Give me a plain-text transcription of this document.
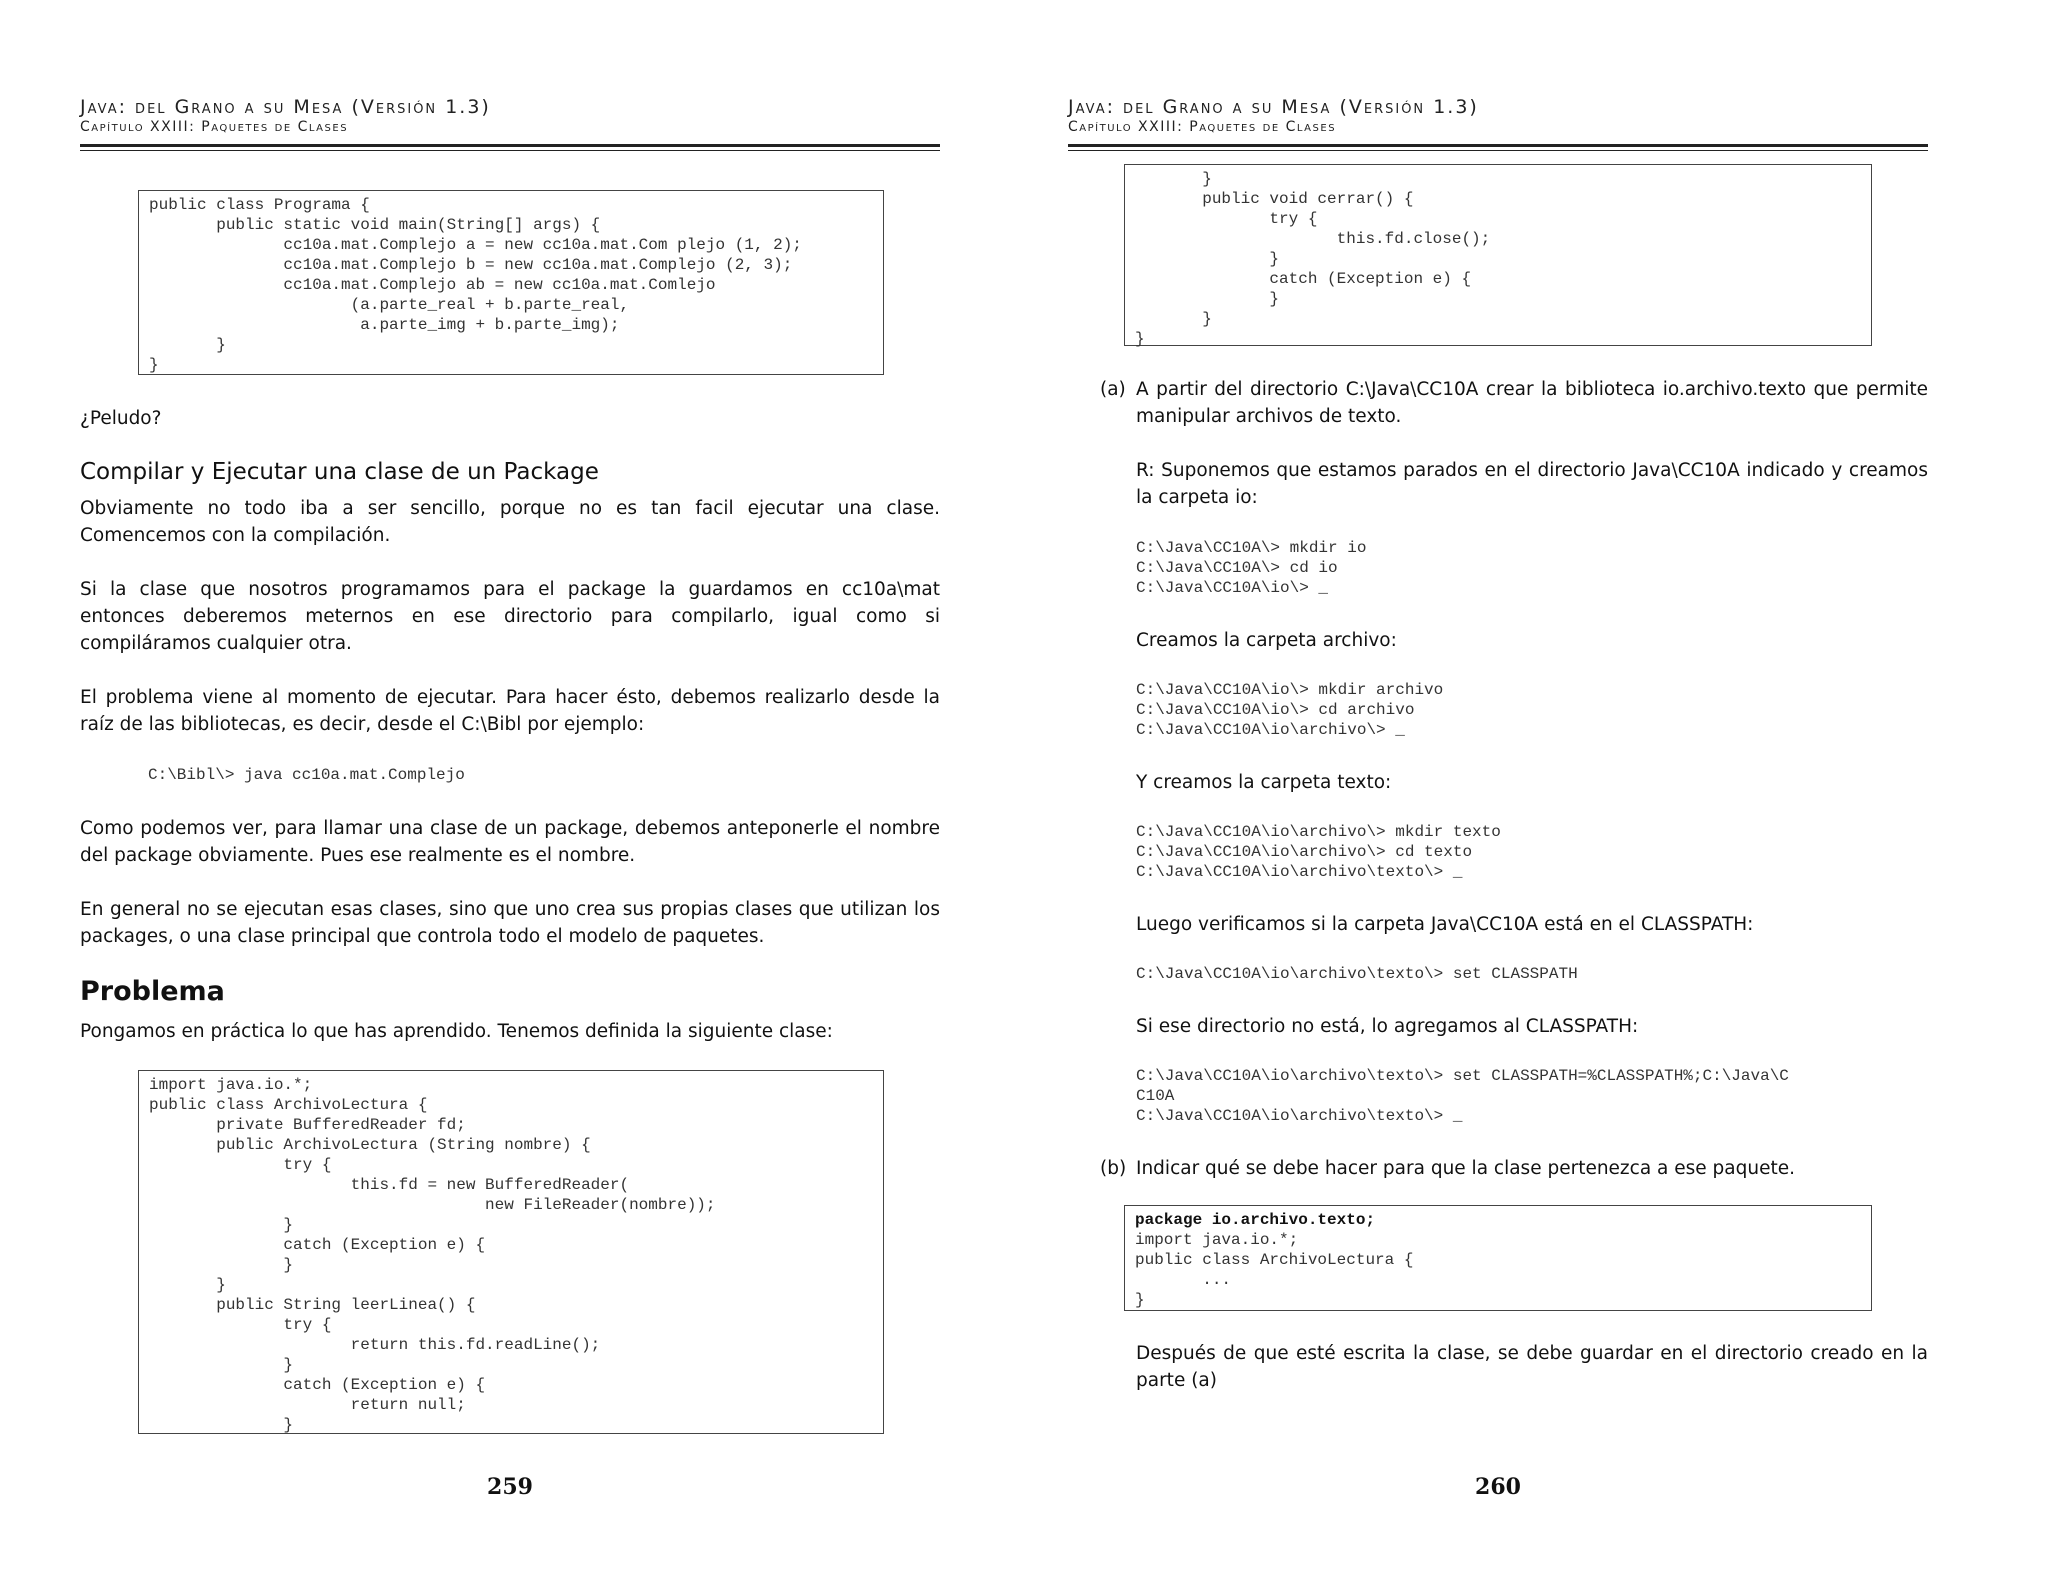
Java: del Grano a su Mesa (Versión 1.3)
Capítulo XXIII: Paquetes de Clases
public class Programa {
public static void main(String[] args) {
cc10a.mat.Complejo a = new cc10a.mat.Com plejo (1, 2);
cc10a.mat.Complejo b = new cc10a.mat.Complejo (2, 3);
cc10a.mat.Complejo ab = new cc10a.mat.Comlejo
(a.parte_real + b.parte_real,
a.parte_img + b.parte_img);
}
}

¿Peludo?

Compilar y Ejecutar una clase de un Package

Obviamente no todo iba a ser sencillo, porque no es tan facil ejecutar una clase. Comencemos con la compilación.

Si la clase que nosotros programamos para el package la guardamos en cc10a\mat entonces deberemos meternos en ese directorio para compilarlo, igual como si compiláramos cualquier otra.

El problema viene al momento de ejecutar. Para hacer ésto, debemos realizarlo desde la raíz de las bibliotecas, es decir, desde el C:\Bibl por ejemplo:

C:\Bibl\> java cc10a.mat.Complejo

Como podemos ver, para llamar una clase de un package, debemos anteponerle el nombre del package obviamente. Pues ese realmente es el nombre.

En general no se ejecutan esas clases, sino que uno crea sus propias clases que utilizan los packages, o una clase principal que controla todo el modelo de paquetes.

Problema

Pongamos en práctica lo que has aprendido. Tenemos definida la siguiente clase:

import java.io.*;
public class ArchivoLectura {
private BufferedReader fd;
public ArchivoLectura (String nombre) {
try {
this.fd = new BufferedReader(
new FileReader(nombre));
}
catch (Exception e) {
}
}
public String leerLinea() {
try {
return this.fd.readLine();
}
catch (Exception e) {
return null;
}
259
Java: del Grano a su Mesa (Versión 1.3)
Capítulo XXIII: Paquetes de Clases
}
public void cerrar() {
try {
this.fd.close();
}
catch (Exception e) {
}
}
}
(a) A partir del directorio C:\Java\CC10A crear la biblioteca io.archivo.texto que permite manipular archivos de texto.

R: Suponemos que estamos parados en el directorio Java\CC10A indicado y creamos la carpeta io:

C:\Java\CC10A\> mkdir io
C:\Java\CC10A\> cd io
C:\Java\CC10A\io\> _

Creamos la carpeta archivo:

C:\Java\CC10A\io\> mkdir archivo
C:\Java\CC10A\io\> cd archivo
C:\Java\CC10A\io\archivo\> _

Y creamos la carpeta texto:

C:\Java\CC10A\io\archivo\> mkdir texto
C:\Java\CC10A\io\archivo\> cd texto
C:\Java\CC10A\io\archivo\texto\> _

Luego verificamos si la carpeta Java\CC10A está en el CLASSPATH:

C:\Java\CC10A\io\archivo\texto\> set CLASSPATH

Si ese directorio no está, lo agregamos al CLASSPATH:

C:\Java\CC10A\io\archivo\texto\> set CLASSPATH=%CLASSPATH%;C:\Java\C
C10A
C:\Java\CC10A\io\archivo\texto\> _
(b) Indicar qué se debe hacer para que la clase pertenezca a ese paquete.

package io.archivo.texto;
import java.io.*;
public class ArchivoLectura {
...
}

Después de que esté escrita la clase, se debe guardar en el directorio creado en la parte (a)

260
